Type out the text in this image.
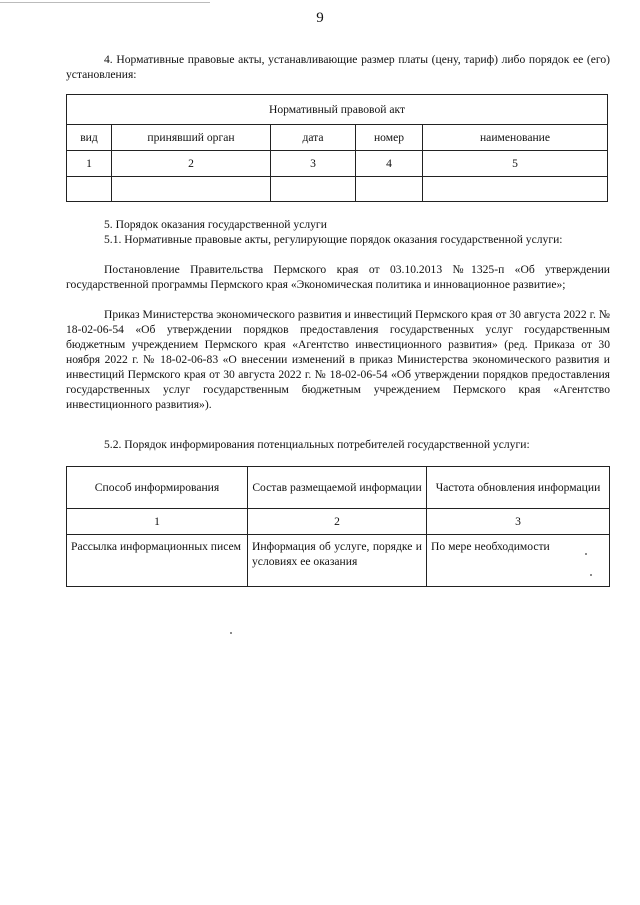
9
4. Нормативные правовые акты, устанавливающие размер платы (цену, тариф) либо порядок ее (его) установления:
Нормативный правовой акт				
вид	принявший орган	дата	номер	наименование
1	2	3	4	5

5. Порядок оказания государственной услуги
5.1. Нормативные правовые акты, регулирующие порядок оказания государственной услуги:
Постановление Правительства Пермского края от 03.10.2013 №1325-п «Об утверждении государственной программы Пермского края «Экономическая политика и инновационное развитие»;
Приказ Министерства экономического развития и инвестиций Пермского края от 30 августа 2022 г. № 18-02-06-54 «Об утверждении порядков предоставления государственных услуг государственным бюджетным учреждением Пермского края «Агентство инвестиционного развития» (ред. Приказа от 30 ноября 2022 г. № 18-02-06-83 «О внесении изменений в приказ Министерства экономического развития и инвестиций Пермского края от 30 августа 2022 г. № 18-02-06-54 «Об утверждении порядков предоставления государственных услуг государственным бюджетным учреждением Пермского края «Агентство инвестиционного развития»).
5.2. Порядок информирования потенциальных потребителей государственной услуги:
Способ информирования	Состав размещаемой информации	Частота обновления информации
1	2	3
Рассылка информационных писем	Информация об услуге, порядке и условиях ее оказания	По мере необходимости
